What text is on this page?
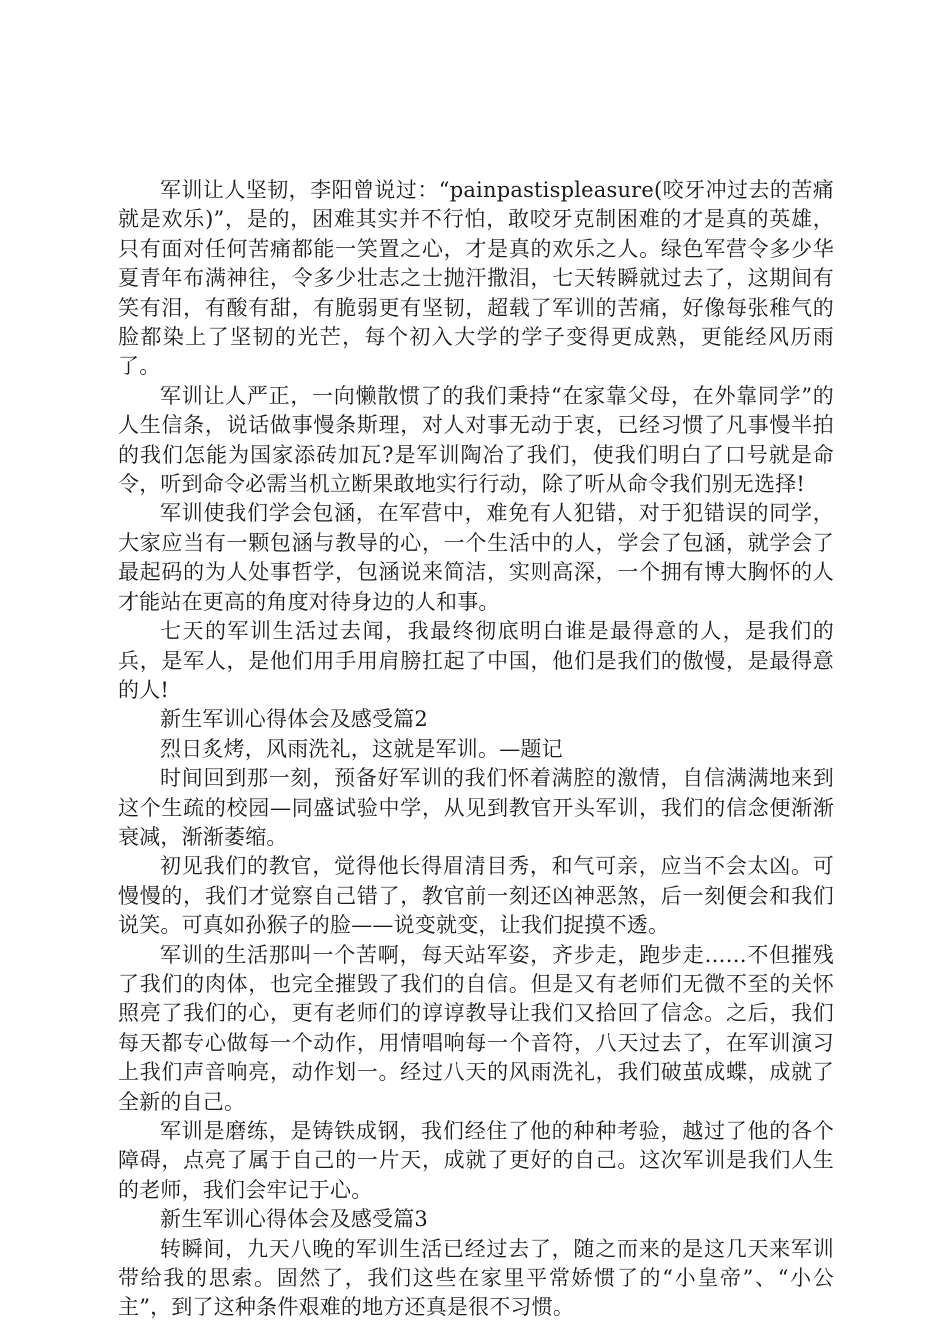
军训让人坚韧，李阳曾说过：“painpastispleasure(咬牙冲过去的苦痛就是欢乐)”，是的，困难其实并不行怕，敢咬牙克制困难的才是真的英雄，只有面对任何苦痛都能一笑置之心，才是真的欢乐之人。绿色军营令多少华夏青年布满神往，令多少壮志之士抛汗撒泪，七天转瞬就过去了，这期间有笑有泪，有酸有甜，有脆弱更有坚韧，超载了军训的苦痛，好像每张稚气的脸都染上了坚韧的光芒，每个初入大学的学子变得更成熟，更能经风历雨了。

军训让人严正，一向懒散惯了的我们秉持“在家靠父母，在外靠同学”的人生信条，说话做事慢条斯理，对人对事无动于衷，已经习惯了凡事慢半拍的我们怎能为国家添砖加瓦?是军训陶冶了我们，使我们明白了口号就是命令，听到命令必需当机立断果敢地实行行动，除了听从命令我们别无选择!

军训使我们学会包涵，在军营中，难免有人犯错，对于犯错误的同学，大家应当有一颗包涵与教导的心，一个生活中的人，学会了包涵，就学会了最起码的为人处事哲学，包涵说来简洁，实则高深，一个拥有博大胸怀的人才能站在更高的角度对待身边的人和事。

七天的军训生活过去闻，我最终彻底明白谁是最得意的人，是我们的兵，是军人，是他们用手用肩膀扛起了中国，他们是我们的傲慢，是最得意的人!

新生军训心得体会及感受篇2

烈日炙烤，风雨洗礼，这就是军训。—题记

时间回到那一刻，预备好军训的我们怀着满腔的激情，自信满满地来到这个生疏的校园—同盛试验中学，从见到教官开头军训，我们的信念便渐渐衰减，渐渐萎缩。

初见我们的教官，觉得他长得眉清目秀，和气可亲，应当不会太凶。可慢慢的，我们才觉察自己错了，教官前一刻还凶神恶煞，后一刻便会和我们说笑。可真如孙猴子的脸——说变就变，让我们捉摸不透。

军训的生活那叫一个苦啊，每天站军姿，齐步走，跑步走……不但摧残了我们的肉体，也完全摧毁了我们的自信。但是又有老师们无微不至的关怀照亮了我们的心，更有老师们的谆谆教导让我们又拾回了信念。之后，我们每天都专心做每一个动作，用情唱响每一个音符，八天过去了，在军训演习上我们声音响亮，动作划一。经过八天的风雨洗礼，我们破茧成蝶，成就了全新的自己。

军训是磨练，是铸铁成钢，我们经住了他的种种考验，越过了他的各个障碍，点亮了属于自己的一片天，成就了更好的自己。这次军训是我们人生的老师，我们会牢记于心。

新生军训心得体会及感受篇3

转瞬间，九天八晚的军训生活已经过去了，随之而来的是这几天来军训带给我的思索。固然了，我们这些在家里平常娇惯了的“小皇帝”、“小公主”，到了这种条件艰难的地方还真是很不习惯。
